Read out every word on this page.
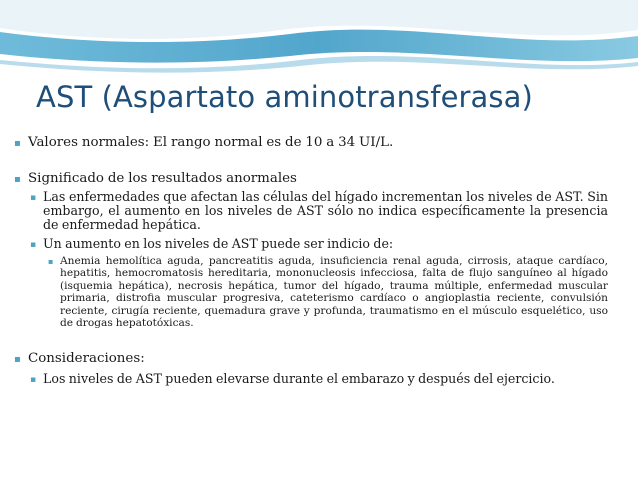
AST (Aspartato aminotransferasa)
▪ Valores normales: El rango normal es de 10 a 34 UI/L.
▪ Significado de los resultados anormales
▪ Las enfermedades que afectan las células del hígado incrementan los niveles de AST. Sin embargo, el aumento en los niveles de AST sólo no indica específicamente la presencia de enfermedad hepática.
▪ Un aumento en los niveles de AST puede ser indicio de:
▪ Anemia hemolítica aguda, pancreatitis aguda, insuficiencia renal aguda, cirrosis, ataque cardíaco, hepatitis, hemocromatosis hereditaria, mononucleosis infecciosa, falta de flujo sanguíneo al hígado (isquemia hepática), necrosis hepática, tumor del hígado, trauma múltiple, enfermedad muscular primaria, distrofia muscular progresiva, cateterismo cardíaco o angioplastia reciente, convulsión reciente, cirugía reciente, quemadura grave y profunda, traumatismo en el músculo esquelético, uso de drogas hepatotóxicas.
▪ Consideraciones:
▪ Los niveles de AST pueden elevarse durante el embarazo y después del ejercicio.
